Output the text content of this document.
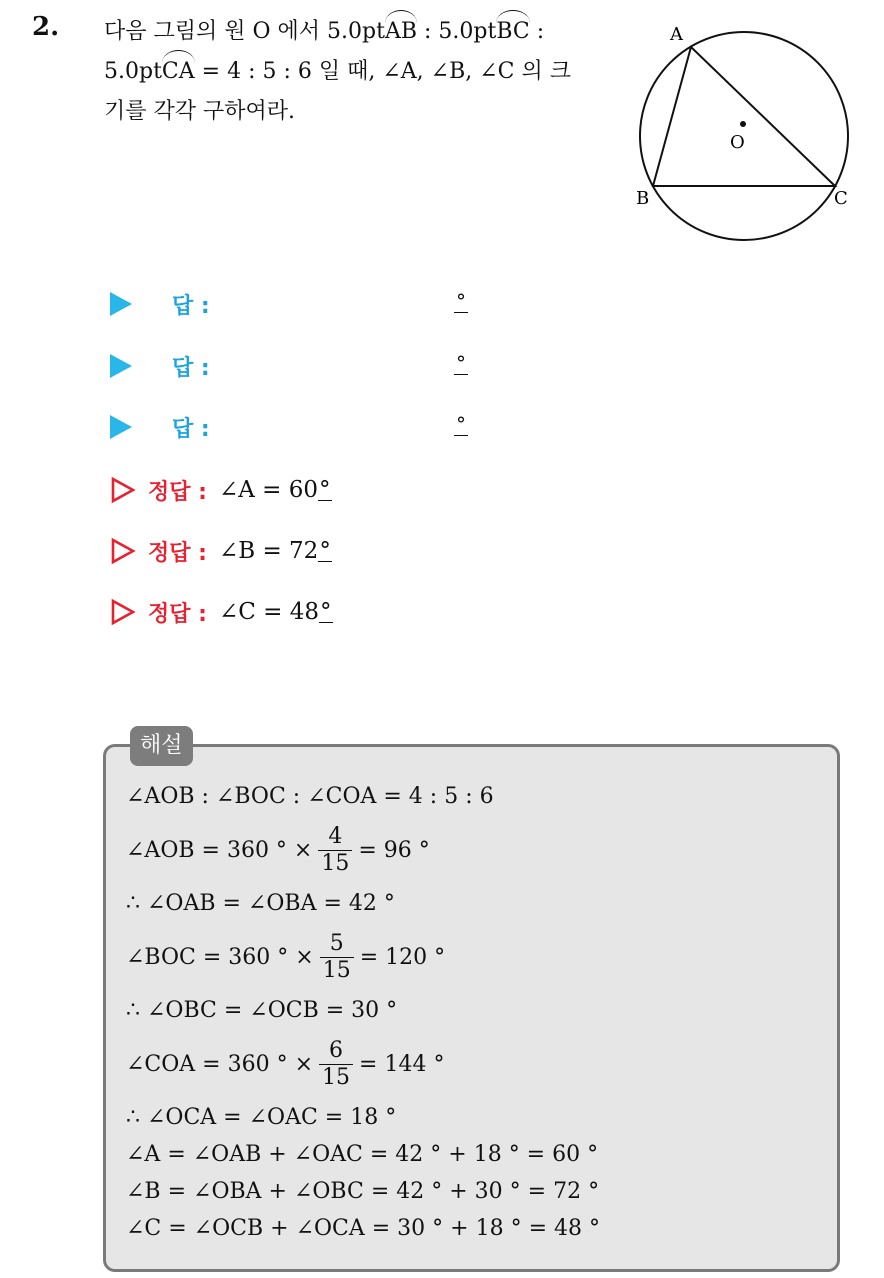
2. 다음 그림의 원 O 에서 5.0ptAB : 5.0ptBC :
5.0ptCA = 4 : 5 : 6 일 때, ∠A, ∠B, ∠C 의 크
기를 각각 구하여라.
A
B	C
O
답 :	°
답 :	°
답 :	°
정답 : ∠A = 60°
정답 : ∠B = 72°
정답 : ∠C = 48°
해설
∠AOB : ∠BOC : ∠COA = 4 : 5 : 6
∠AOB = 360 ° × $\frac{4}{15} = 96$ °
∴ ∠OAB = ∠OBA = 42 °
∠BOC = 360 ° × $\frac{5}{15} = 120$ °
∴ ∠OBC = ∠OCB = 30 °
∠COA = 360 ° × $\frac{6}{15} = 144$ °
∴ ∠OCA = ∠OAC = 18 °
∠A = ∠OAB + ∠OAC = 42 ° + 18 ° = 60 °
∠B = ∠OBA + ∠OBC = 42 ° + 30 ° = 72 °
∠C = ∠OCB + ∠OCA = 30 ° + 18 ° = 48 °
